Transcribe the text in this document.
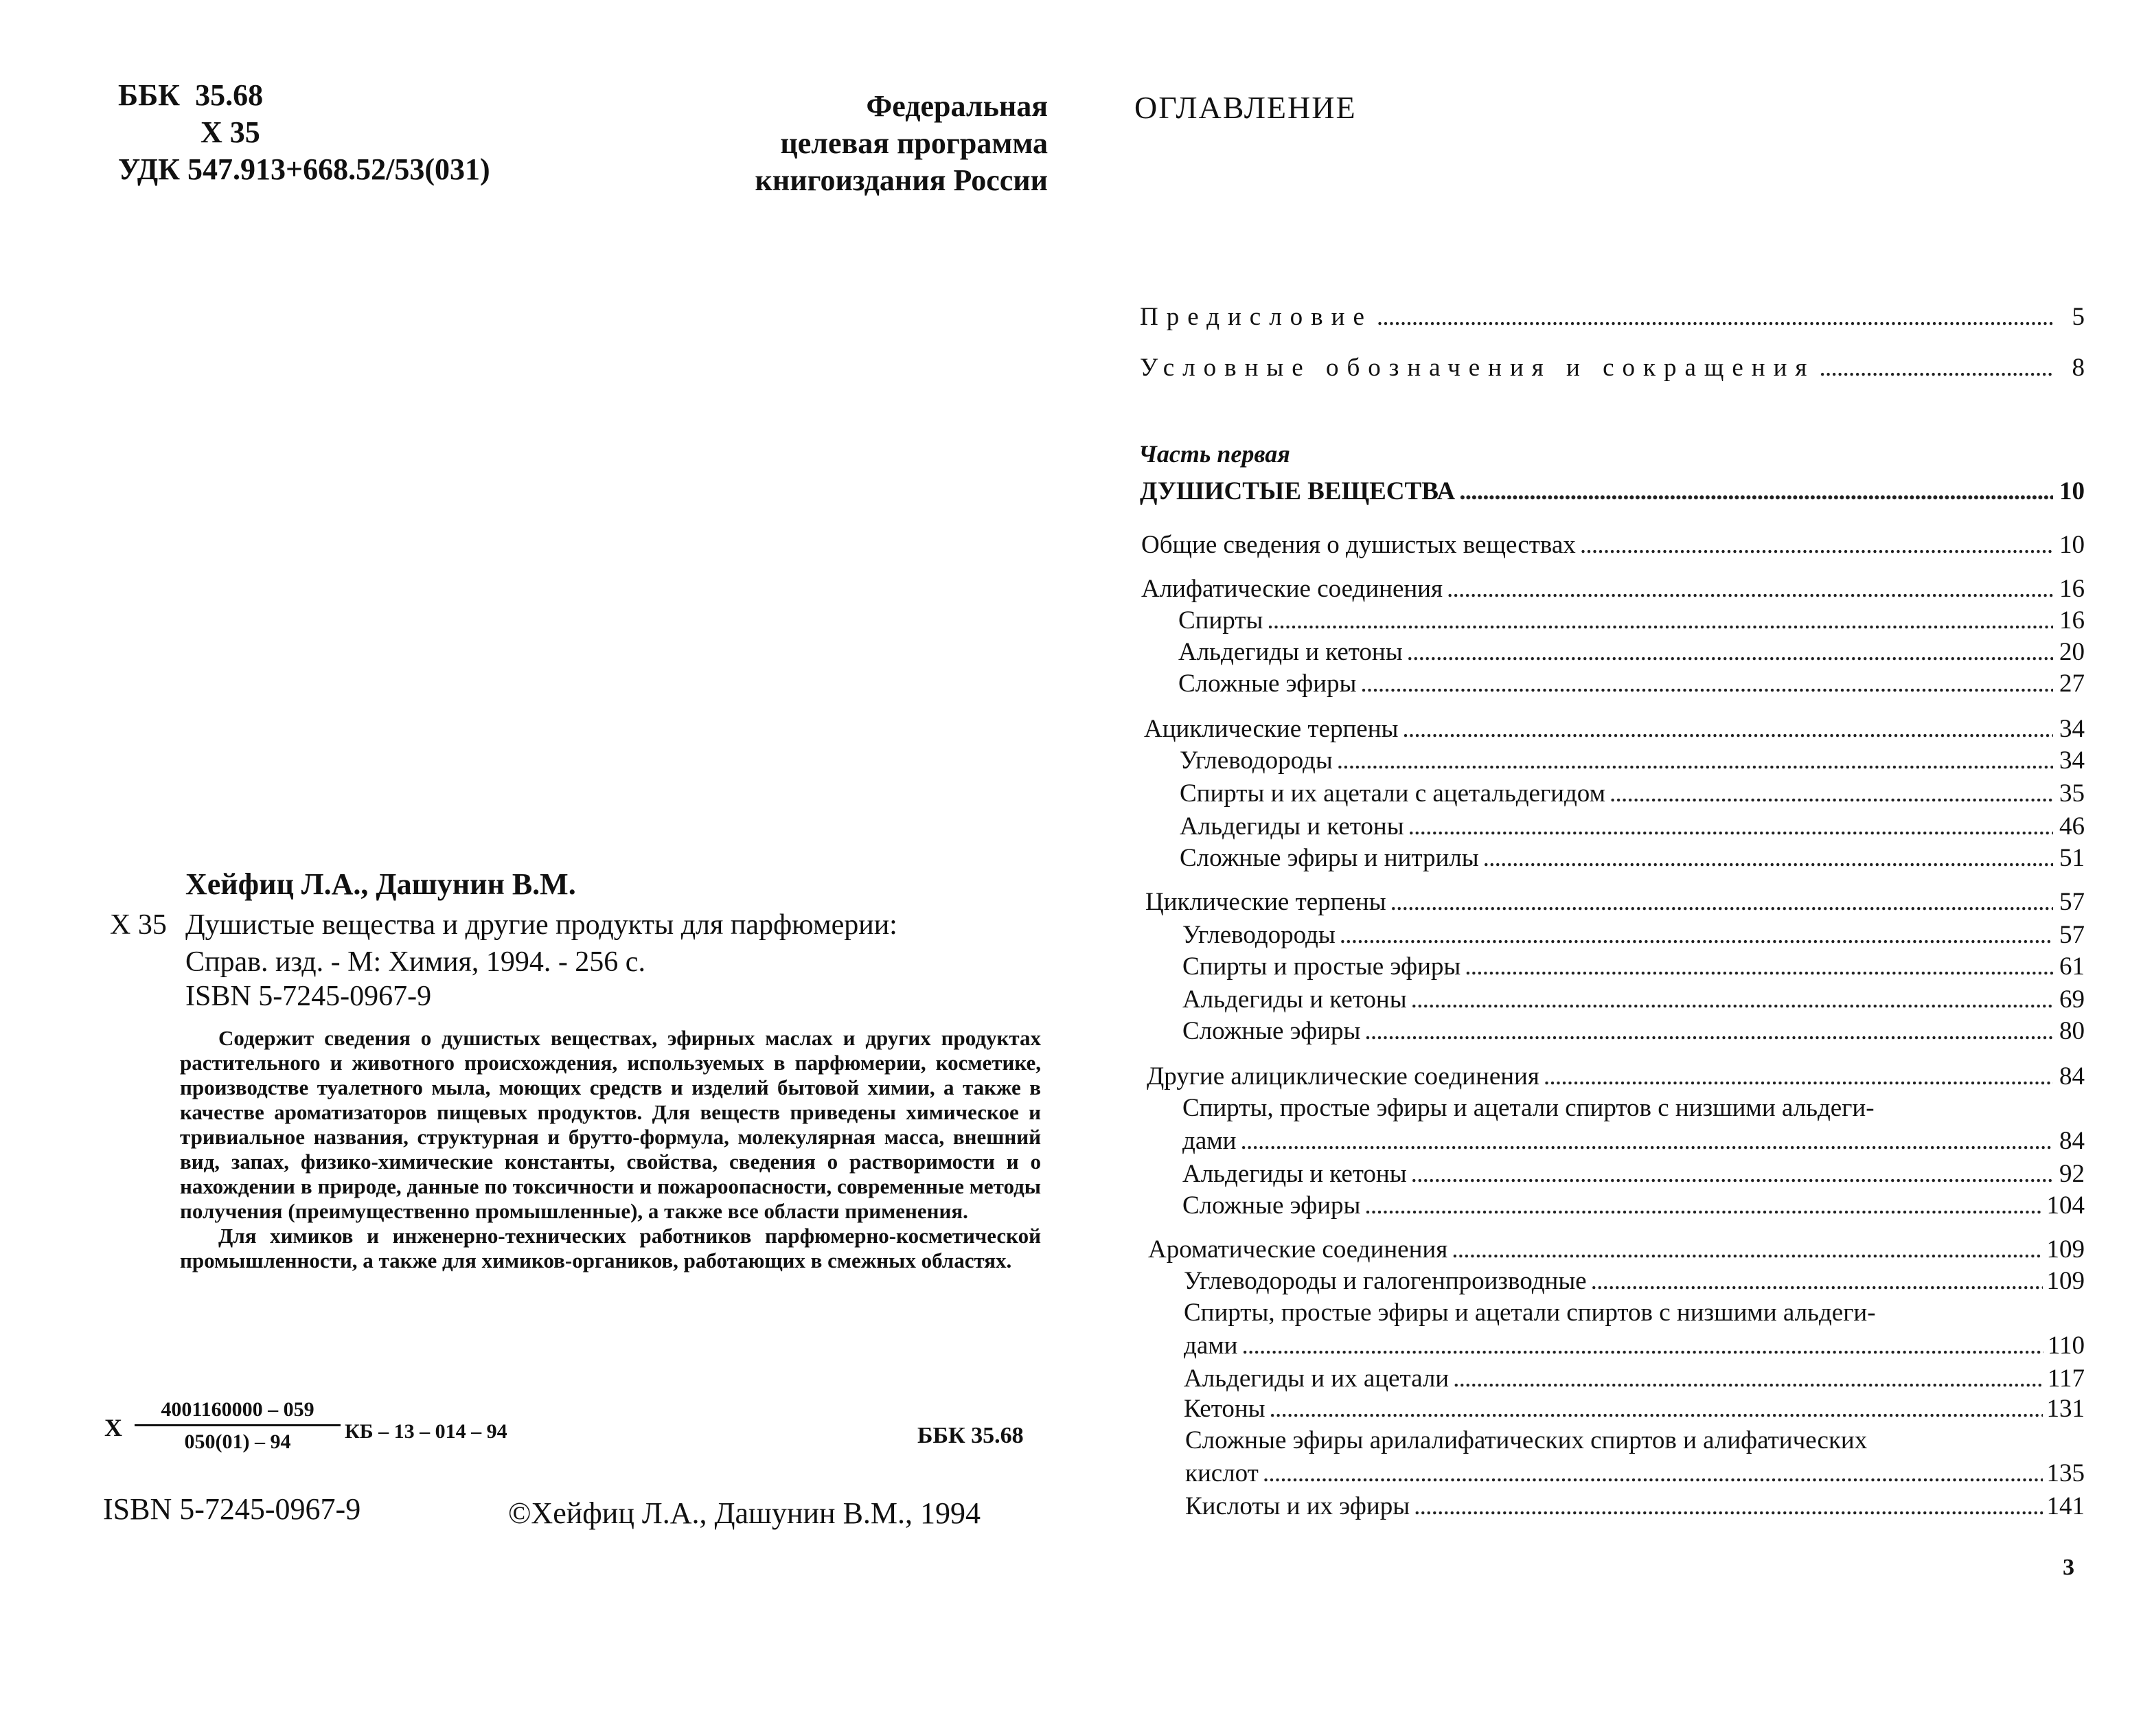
ББК  35.68
Х 35
УДК 547.913+668.52/53(031)
Федеральная
целевая программа
книгоиздания России
Хейфиц Л.А., Дашунин В.М.
Х 35 Душистые вещества и другие продукты для парфюмерии:
Справ. изд. - М: Химия, 1994. - 256 с.
ISBN 5-7245-0967-9

Содержит сведения о душистых веществах, эфирных маслах и других продуктах растительного и животного происхождения, используемых в парфюмерии, косметике, производстве туалетного мыла, моющих средств и изделий бытовой химии, а также в качестве ароматизаторов пищевых продуктов. Для веществ приведены химическое и тривиальное названия, структурная и брутто-формула, молекулярная масса, внешний вид, запах, физико-химические константы, свойства, сведения о растворимости и о нахождении в природе, данные по токсичности и пожароопасности, современные методы получения (преимущественно промышленные), а также все области применения.

Для химиков и инженерно-технических работников парфюмерно-косметической промышленности, а также для химиков-органиков, работающих в смежных областях.

Х $\frac{4001160000 - 059}{050(01) - 94}$ КБ – 13 – 014 – 94	ББК 35.68
ISBN 5-7245-0967-9	©Хейфиц Л.А., Дашунин В.М., 1994
ОГЛАВЛЕНИЕ
Часть первая
Предисловие . . .	5
Условные обозначения и сокращения . . .	8
ДУШИСТЫЕ ВЕЩЕСТВА . . .	10
Общие сведения о душистых веществах . . .	10
Алифатические соединения . . .	16
Спирты . . .	16
Альдегиды и кетоны . . .	20
Сложные эфиры . . .	27
Ациклические терпены . . .	34
Углеводороды . . .	34
Спирты и их ацетали с ацетальдегидом . . .	35
Альдегиды и кетоны . . .	46
Сложные эфиры и нитрилы . . .	51
Циклические терпены . . .	57
Углеводороды . . .	57
Спирты и простые эфиры . . .	61
Альдегиды и кетоны . . .	69
Сложные эфиры . . .	80
Другие алициклические соединения . . .	84
Спирты, простые эфиры и ацетали спиртов с низшими альдеги-
дами . . .	84
Альдегиды и кетоны . . .	92
Сложные эфиры . . .	104
Ароматические соединения . . .	109
Углеводороды и галогенпроизводные . . .	109
Спирты, простые эфиры и ацетали спиртов с низшими альдеги-
дами . . .	110
Альдегиды и их ацетали . . .	117
Кетоны . . .	131
Сложные эфиры арилалифатических спиртов и алифатических
кислот . . .	135
Кислоты и их эфиры . . .	141
3
